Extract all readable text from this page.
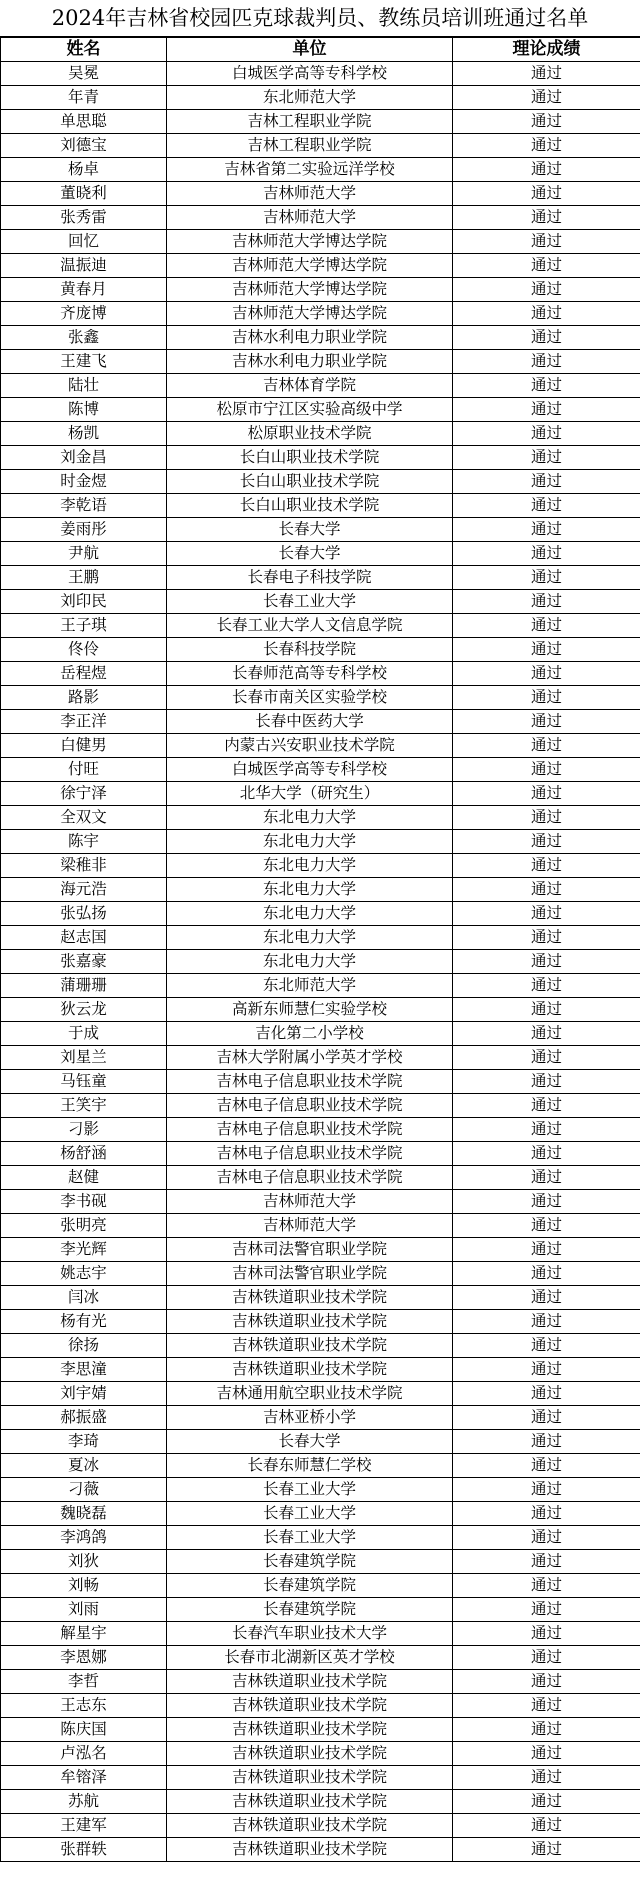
2024年吉林省校园匹克球裁判员、教练员培训班通过名单
姓名	单位	理论成绩
吴冕	白城医学高等专科学校	通过
年青	东北师范大学	通过
单思聪	吉林工程职业学院	通过
刘德宝	吉林工程职业学院	通过
杨卓	吉林省第二实验远洋学校	通过
董晓利	吉林师范大学	通过
张秀雷	吉林师范大学	通过
回忆	吉林师范大学博达学院	通过
温振迪	吉林师范大学博达学院	通过
黄春月	吉林师范大学博达学院	通过
齐庞博	吉林师范大学博达学院	通过
张鑫	吉林水利电力职业学院	通过
王建飞	吉林水利电力职业学院	通过
陆壮	吉林体育学院	通过
陈博	松原市宁江区实验高级中学	通过
杨凯	松原职业技术学院	通过
刘金昌	长白山职业技术学院	通过
时金煜	长白山职业技术学院	通过
李乾语	长白山职业技术学院	通过
姜雨彤	长春大学	通过
尹航	长春大学	通过
王鹏	长春电子科技学院	通过
刘印民	长春工业大学	通过
王子琪	长春工业大学人文信息学院	通过
佟伶	长春科技学院	通过
岳程煜	长春师范高等专科学校	通过
路影	长春市南关区实验学校	通过
李正洋	长春中医药大学	通过
白健男	内蒙古兴安职业技术学院	通过
付旺	白城医学高等专科学校	通过
徐宁泽	北华大学（研究生）	通过
全双文	东北电力大学	通过
陈宇	东北电力大学	通过
梁稚非	东北电力大学	通过
海元浩	东北电力大学	通过
张弘扬	东北电力大学	通过
赵志国	东北电力大学	通过
张嘉豪	东北电力大学	通过
蒲珊珊	东北师范大学	通过
狄云龙	高新东师慧仁实验学校	通过
于成	吉化第二小学校	通过
刘星兰	吉林大学附属小学英才学校	通过
马钰童	吉林电子信息职业技术学院	通过
王笑宇	吉林电子信息职业技术学院	通过
刁影	吉林电子信息职业技术学院	通过
杨舒涵	吉林电子信息职业技术学院	通过
赵健	吉林电子信息职业技术学院	通过
李书砚	吉林师范大学	通过
张明亮	吉林师范大学	通过
李光辉	吉林司法警官职业学院	通过
姚志宇	吉林司法警官职业学院	通过
闫冰	吉林铁道职业技术学院	通过
杨有光	吉林铁道职业技术学院	通过
徐扬	吉林铁道职业技术学院	通过
李思潼	吉林铁道职业技术学院	通过
刘宇婧	吉林通用航空职业技术学院	通过
郝振盛	吉林亚桥小学	通过
李琦	长春大学	通过
夏冰	长春东师慧仁学校	通过
刁薇	长春工业大学	通过
魏晓磊	长春工业大学	通过
李鸿鸽	长春工业大学	通过
刘狄	长春建筑学院	通过
刘畅	长春建筑学院	通过
刘雨	长春建筑学院	通过
解星宇	长春汽车职业技术大学	通过
李恩娜	长春市北湖新区英才学校	通过
李哲	吉林铁道职业技术学院	通过
王志东	吉林铁道职业技术学院	通过
陈庆国	吉林铁道职业技术学院	通过
卢泓名	吉林铁道职业技术学院	通过
牟镕泽	吉林铁道职业技术学院	通过
苏航	吉林铁道职业技术学院	通过
王建军	吉林铁道职业技术学院	通过
张群轶	吉林铁道职业技术学院	通过
